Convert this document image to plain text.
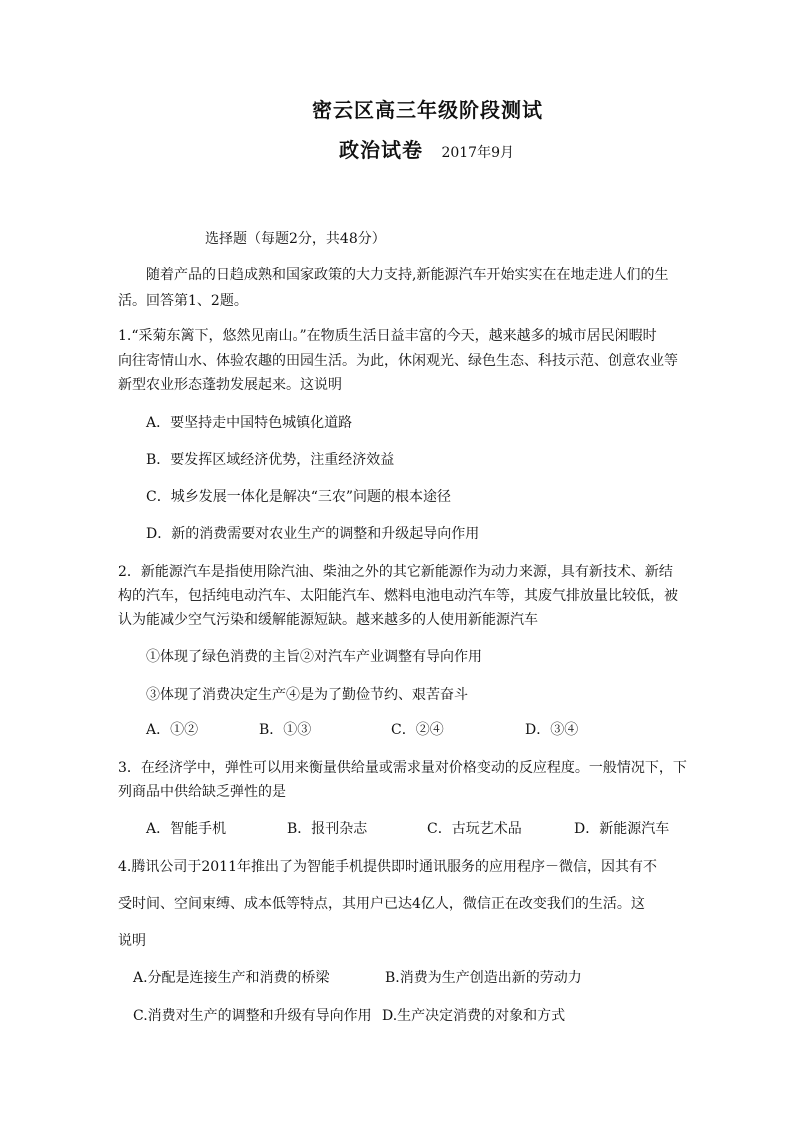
密云区高三年级阶段测试
政治试卷 2017年9月
选择题（每题2分，共48分）
随着产品的日趋成熟和国家政策的大力支持,新能源汽车开始实实在在地走进人们的生
活。回答第1、2题。
1.“采菊东篱下，悠然见南山。”在物质生活日益丰富的今天，越来越多的城市居民闲暇时
向往寄情山水、体验农趣的田园生活。为此，休闲观光、绿色生态、科技示范、创意农业等
新型农业形态蓬勃发展起来。这说明
A．要坚持走中国特色城镇化道路
B．要发挥区域经济优势，注重经济效益
C．城乡发展一体化是解决“三农”问题的根本途径
D．新的消费需要对农业生产的调整和升级起导向作用
2．新能源汽车是指使用除汽油、柴油之外的其它新能源作为动力来源，具有新技术、新结
构的汽车，包括纯电动汽车、太阳能汽车、燃料电池电动汽车等，其废气排放量比较低，被
认为能减少空气污染和缓解能源短缺。越来越多的人使用新能源汽车
①体现了绿色消费的主旨②对汽车产业调整有导向作用
③体现了消费决定生产④是为了勤俭节约、艰苦奋斗
A．①②	B．①③	C．②④	D．③④
3．在经济学中，弹性可以用来衡量供给量或需求量对价格变动的反应程度。一般情况下，下
列商品中供给缺乏弹性的是
A．智能手机	B．报刊杂志	C．古玩艺术品	D．新能源汽车
4.腾讯公司于2011年推出了为智能手机提供即时通讯服务的应用程序－微信，因其有不
受时间、空间束缚、成本低等特点，其用户已达4亿人，微信正在改变我们的生活。这
说明
A.分配是连接生产和消费的桥梁	B.消费为生产创造出新的劳动力
C.消费对生产的调整和升级有导向作用 D.生产决定消费的对象和方式
